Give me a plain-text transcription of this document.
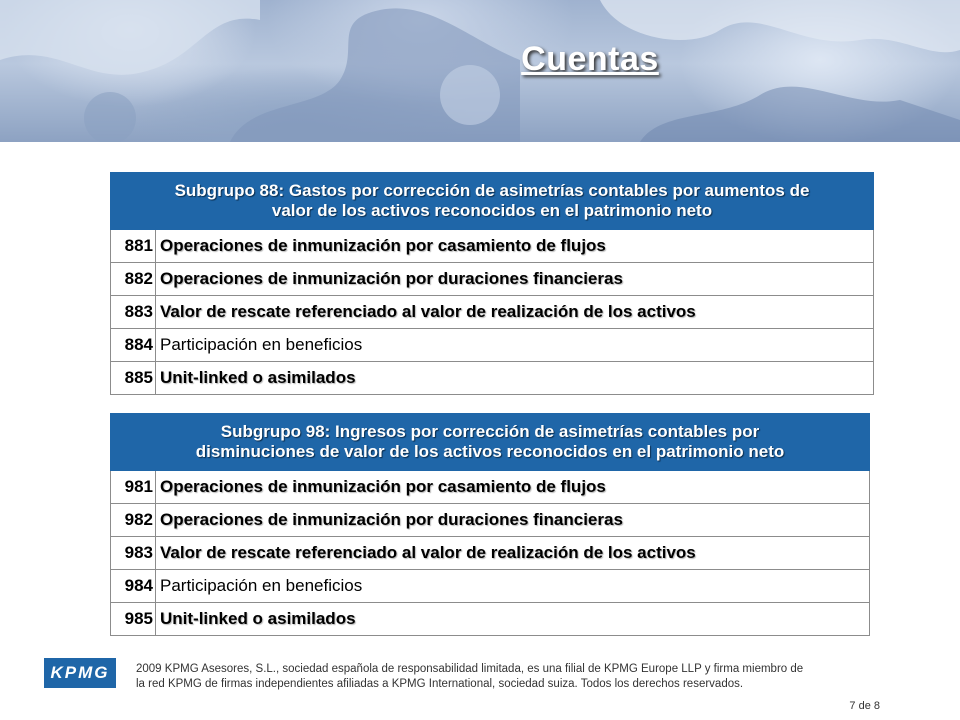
Cuentas
Subgrupo 88: Gastos por corrección de asimetrías contables por aumentos de
valor de los activos reconocidos en el patrimonio neto	
881	Operaciones de inmunización por casamiento de flujos
882	Operaciones de inmunización por duraciones financieras
883	Valor de rescate referenciado al valor de realización de los activos
884	Participación en beneficios
885	Unit-linked o asimilados
Subgrupo 98: Ingresos por corrección de asimetrías contables por
disminuciones de valor de los activos reconocidos en el patrimonio neto	
981	Operaciones de inmunización por casamiento de flujos
982	Operaciones de inmunización por duraciones financieras
983	Valor de rescate referenciado al valor de realización de los activos
984	Participación en beneficios
985	Unit-linked o asimilados
KPMG	2009 KPMG Asesores, S.L., sociedad española de responsabilidad limitada, es una filial de KPMG Europe LLP y firma miembro de
la red KPMG de firmas independientes afiliadas a KPMG International, sociedad suiza. Todos los derechos reservados.
7 de 8
